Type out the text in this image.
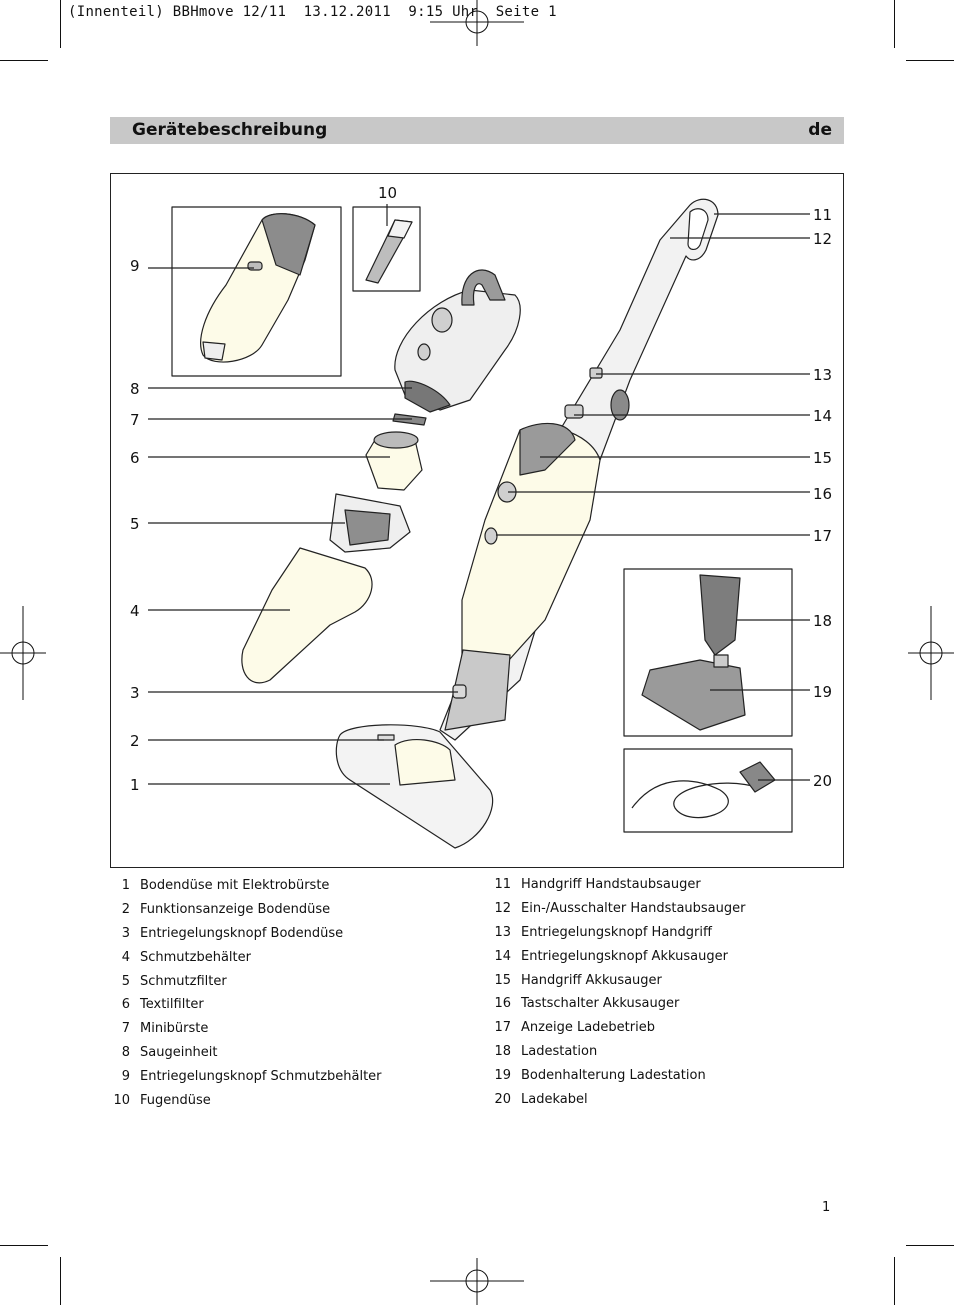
(Innenteil) BBHmove 12/11  13.12.2011  9:15 Uhr  Seite 1
Gerätebeschreibung	de
1
2
3
4
5
6
7
8
9
10
11
12
13
14
15
16
17
18
19
20
1 Bodendüse mit Elektrobürste
2 Funktionsanzeige Bodendüse
3 Entriegelungsknopf Bodendüse
4 Schmutzbehälter
5 Schmutzfilter
6 Textilfilter
7 Minibürste
8 Saugeinheit
9 Entriegelungsknopf Schmutzbehälter
10 Fugendüse
11 Handgriff Handstaubsauger
12 Ein-/Ausschalter Handstaubsauger
13 Entriegelungsknopf Handgriff
14 Entriegelungsknopf Akkusauger
15 Handgriff Akkusauger
16 Tastschalter Akkusauger
17 Anzeige Ladebetrieb
18 Ladestation
19 Bodenhalterung Ladestation
20 Ladekabel
1
